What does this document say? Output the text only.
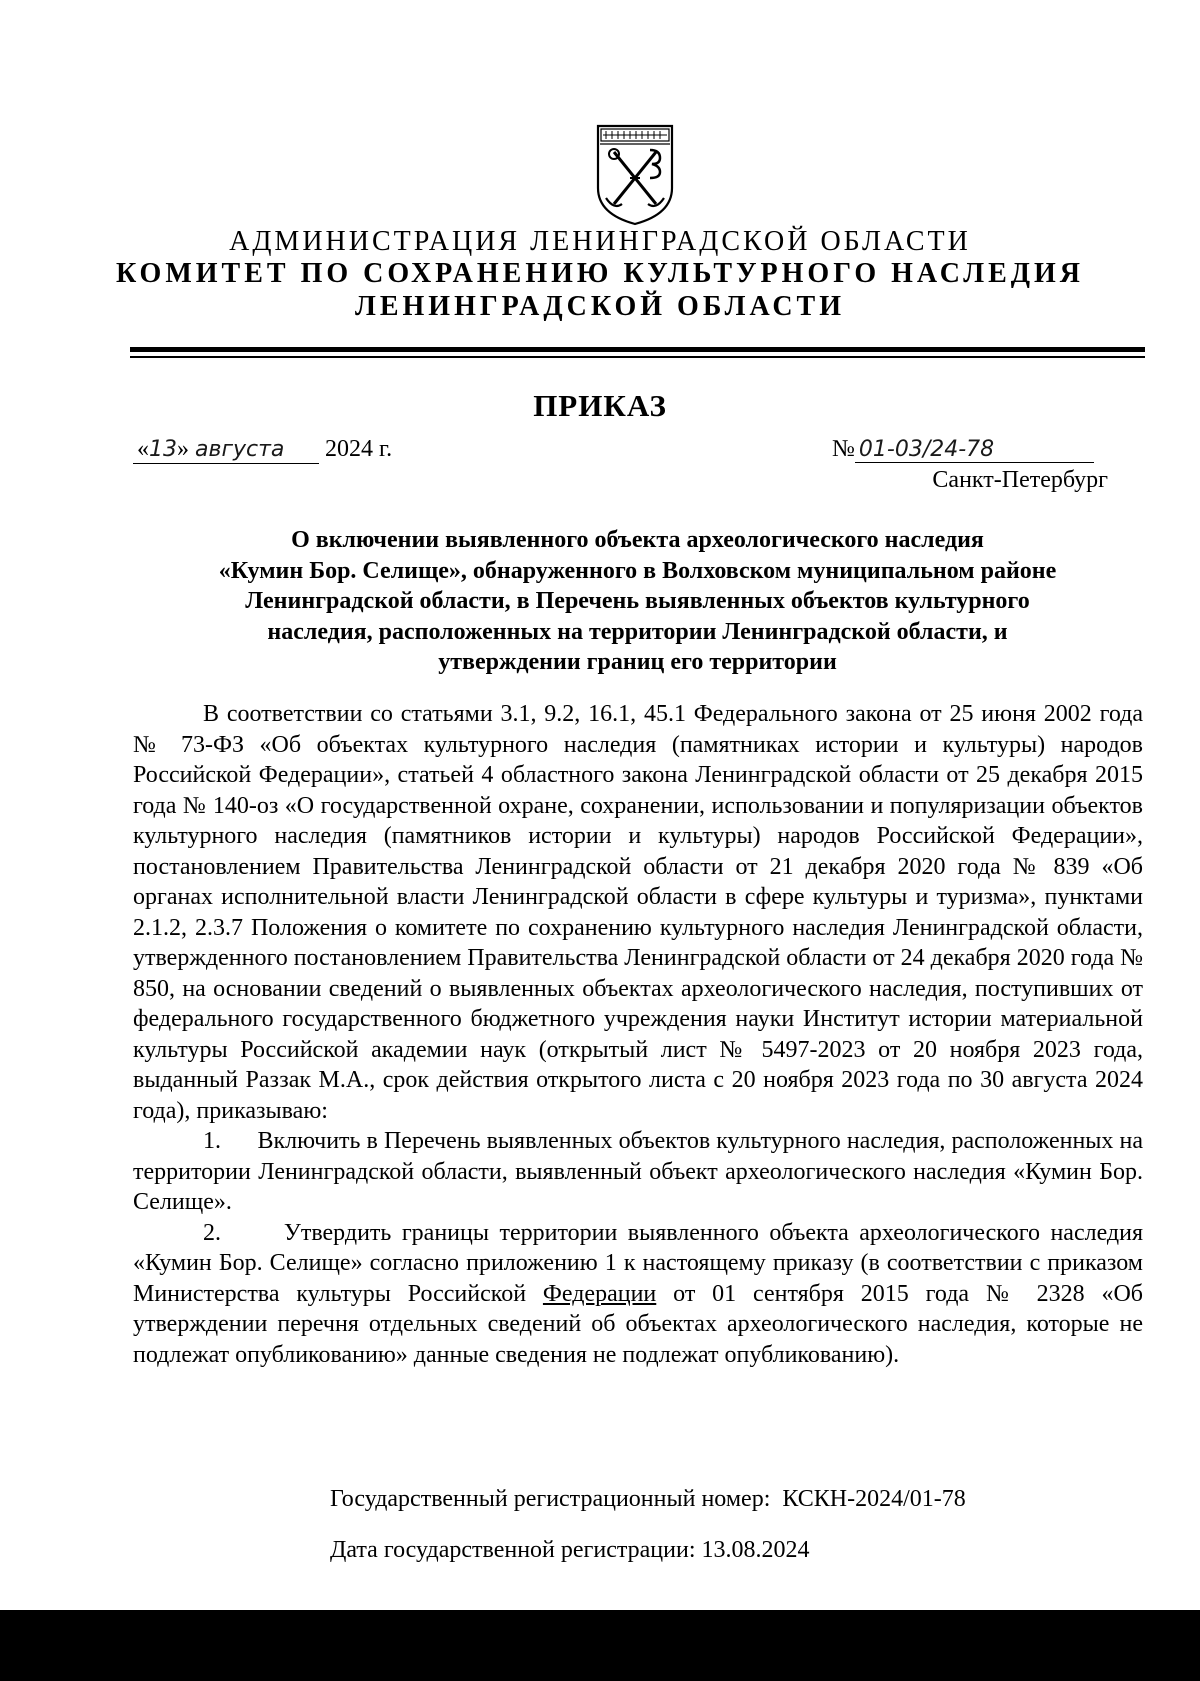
АДМИНИСТРАЦИЯ ЛЕНИНГРАДСКОЙ ОБЛАСТИ
КОМИТЕТ ПО СОХРАНЕНИЮ КУЛЬТУРНОГО НАСЛЕДИЯ
ЛЕНИНГРАДСКОЙ ОБЛАСТИ
ПРИКАЗ
«13» августа 2024 г.	№ 01-03/24-78
Санкт-Петербург
О включении выявленного объекта археологического наследия
«Кумин Бор. Селище», обнаруженного в Волховском муниципальном районе
Ленинградской области, в Перечень выявленных объектов культурного
наследия, расположенных на территории Ленинградской области, и
утверждении границ его территории

В соответствии со статьями 3.1, 9.2, 16.1, 45.1 Федерального закона от 25 июня 2002 года № 73-ФЗ «Об объектах культурного наследия (памятниках истории и культуры) народов Российской Федерации», статьей 4 областного закона Ленинградской области от 25 декабря 2015 года № 140-оз «О государственной охране, сохранении, использовании и популяризации объектов культурного наследия (памятников истории и культуры) народов Российской Федерации», постановлением Правительства Ленинградской области от 21 декабря 2020 года № 839 «Об органах исполнительной власти Ленинградской области в сфере культуры и туризма», пунктами 2.1.2, 2.3.7 Положения о комитете по сохранению культурного наследия Ленинградской области, утвержденного постановлением Правительства Ленинградской области от 24 декабря 2020 года № 850, на основании сведений о выявленных объектах археологического наследия, поступивших от федерального государственного бюджетного учреждения науки Институт истории материальной культуры Российской академии наук (открытый лист № 5497-2023 от 20 ноября 2023 года, выданный Раззак М.А., срок действия открытого листа с 20 ноября 2023 года по 30 августа 2024 года), приказываю:

1. Включить в Перечень выявленных объектов культурного наследия, расположенных на территории Ленинградской области, выявленный объект археологического наследия «Кумин Бор. Селище».

2.	Утвердить границы территории выявленного объекта археологического наследия «Кумин Бор. Селище» согласно приложению 1 к настоящему приказу (в соответствии с приказом Министерства культуры Российской Федерации от 01 сентября 2015 года № 2328 «Об утверждении перечня отдельных сведений об объектах археологического наследия, которые не подлежат опубликованию» данные сведения не подлежат опубликованию).

Государственный регистрационный номер: КСКН-2024/01-78
Дата государственной регистрации: 13.08.2024
